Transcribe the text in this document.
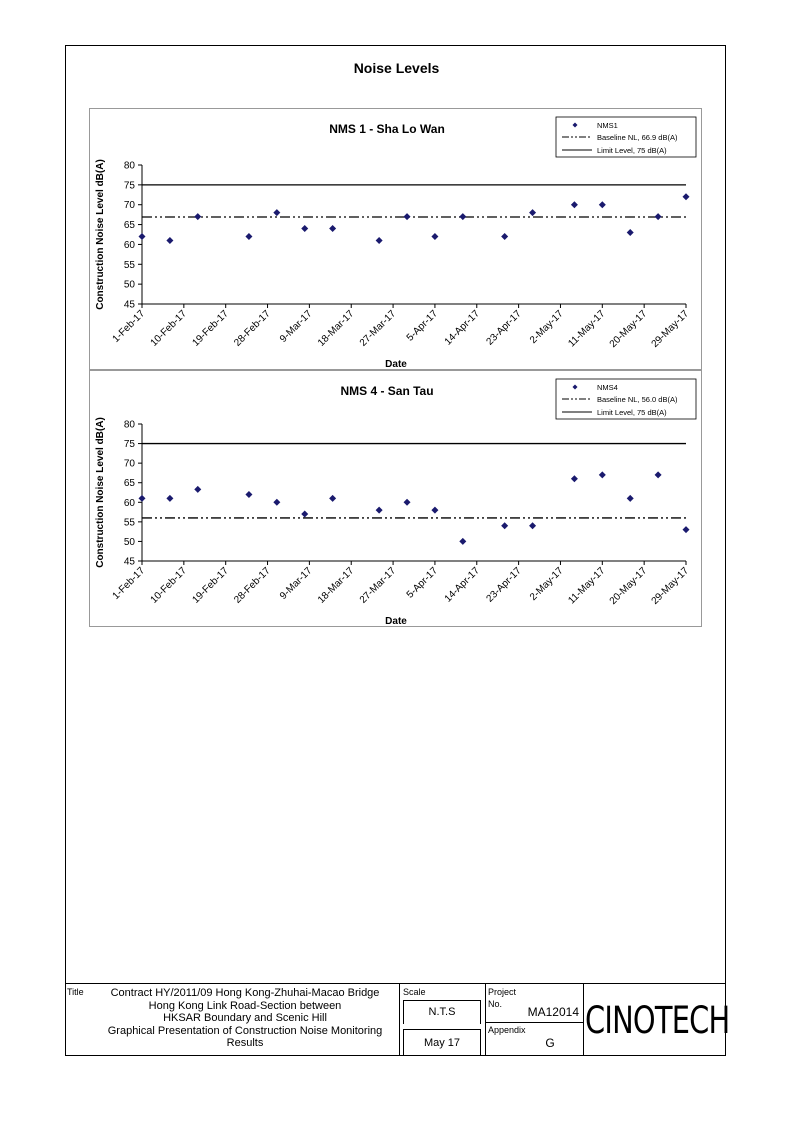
Noise Levels
NMS 1 - Sha Lo Wan
45
50
55
60
65
70
75
80
1-Feb-17 10-Feb-17 19-Feb-17 28-Feb-17 9-Mar-17 18-Mar-17 27-Mar-17 5-Apr-17 14-Apr-17 23-Apr-17 2-May-17 11-May-17 20-May-17 29-May-17
Date
Construction Noise Level dB(A)
NMS1
Baseline NL, 66.9 dB(A)
Limit Level, 75 dB(A)
NMS 4 - San Tau
45
50
55
60
65
70
75
80
1-Feb-17 10-Feb-17 19-Feb-17 28-Feb-17 9-Mar-17 18-Mar-17 27-Mar-17 5-Apr-17 14-Apr-17 23-Apr-17 2-May-17 11-May-17 20-May-17 29-May-17
Date
Construction Noise Level dB(A)
NMS4
Baseline NL, 56.0 dB(A)
Limit Level, 75 dB(A)
Title	Contract HY/2011/09 Hong Kong-Zhuhai-Macao Bridge
Hong Kong Link Road-Section between
HKSAR Boundary and Scenic Hill
Graphical Presentation of Construction Noise Monitoring
Results
Scale
N.T.S
May 17
Project
No.
MA12014
Appendix
G
CINOTECH
